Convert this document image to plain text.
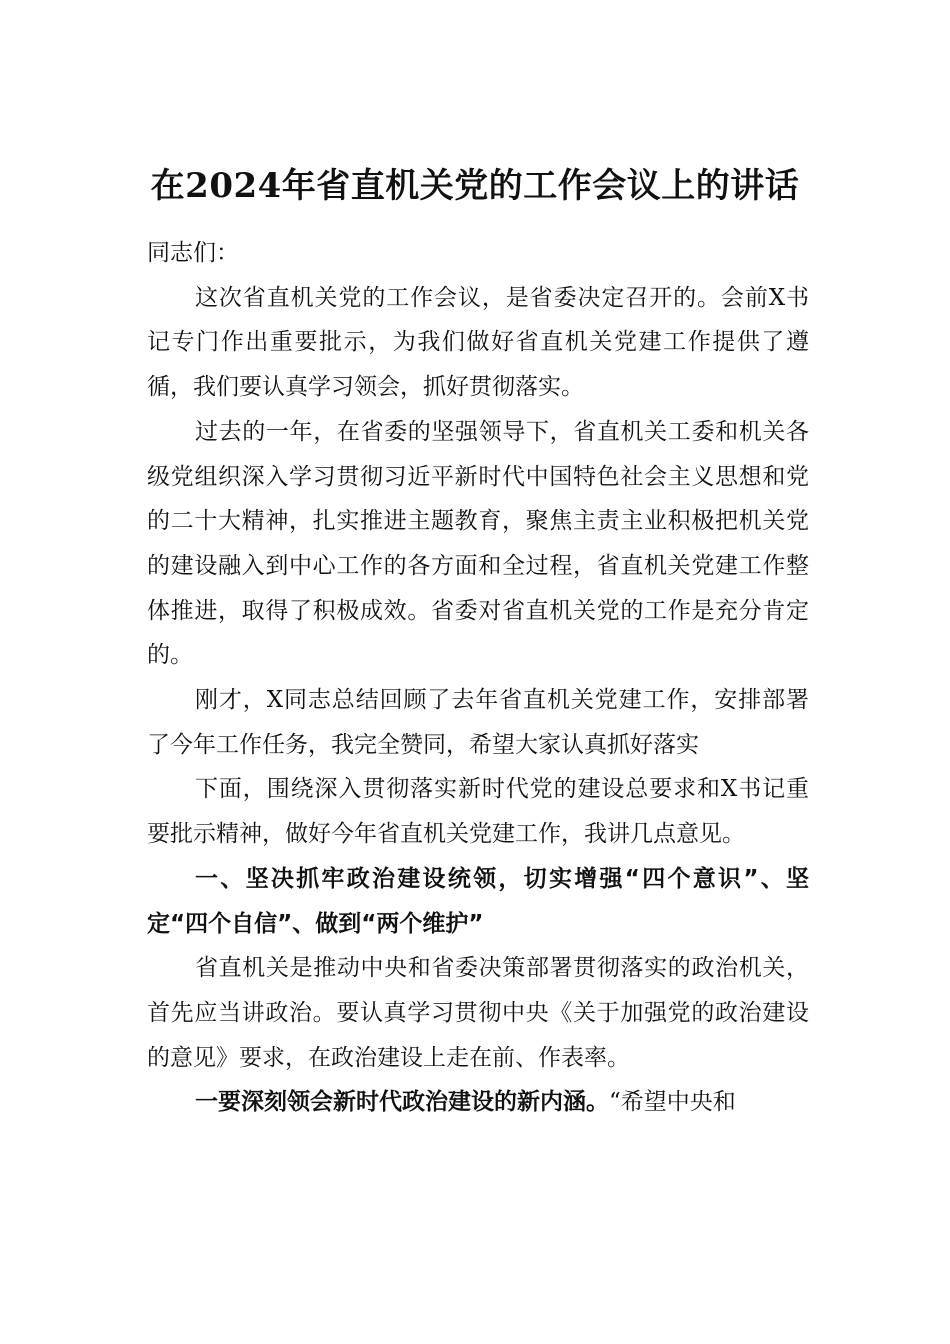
在2024年省直机关党的工作会议上的讲话

同志们：

这次省直机关党的工作会议，是省委决定召开的。会前X书记专门作出重要批示，为我们做好省直机关党建工作提供了遵循，我们要认真学习领会，抓好贯彻落实。

过去的一年，在省委的坚强领导下，省直机关工委和机关各级党组织深入学习贯彻习近平新时代中国特色社会主义思想和党的二十大精神，扎实推进主题教育，聚焦主责主业积极把机关党的建设融入到中心工作的各方面和全过程，省直机关党建工作整体推进，取得了积极成效。省委对省直机关党的工作是充分肯定的。

刚才，X同志总结回顾了去年省直机关党建工作，安排部署了今年工作任务，我完全赞同，希望大家认真抓好落实

下面，围绕深入贯彻落实新时代党的建设总要求和X书记重要批示精神，做好今年省直机关党建工作，我讲几点意见。

一、坚决抓牢政治建设统领，切实增强“四个意识”、坚定“四个自信”、做到“两个维护”

省直机关是推动中央和省委决策部署贯彻落实的政治机关，首先应当讲政治。要认真学习贯彻中央《关于加强党的政治建设的意见》要求，在政治建设上走在前、作表率。

一要深刻领会新时代政治建设的新内涵。“希望中央和
